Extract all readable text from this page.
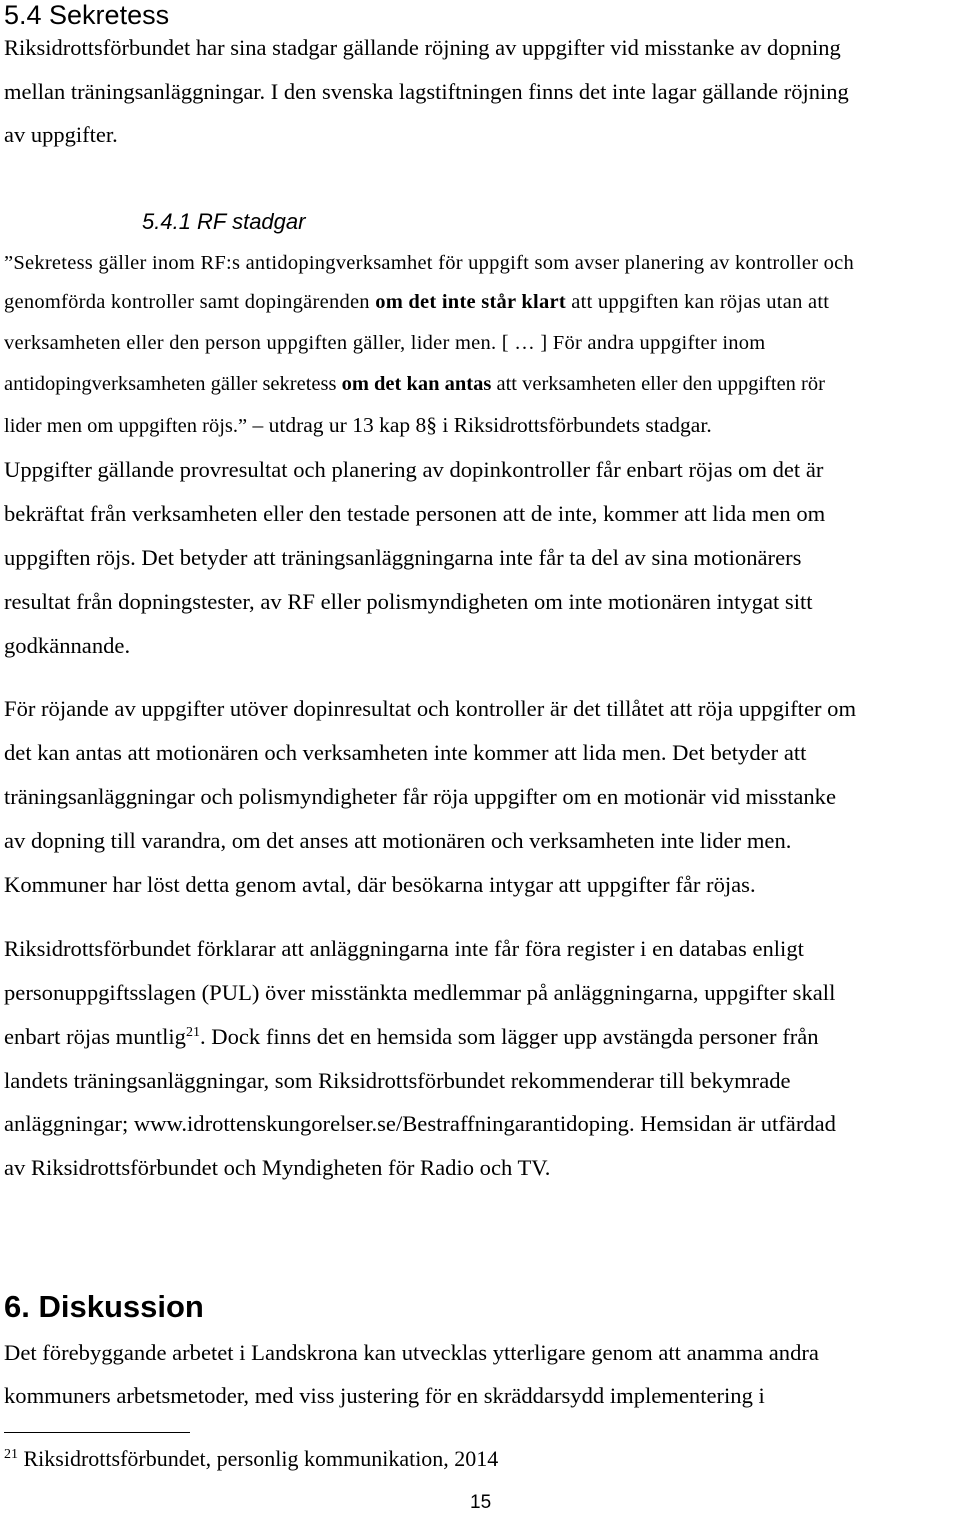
5.4 Sekretess
Riksidrottsförbundet har sina stadgar gällande röjning av uppgifter vid misstanke av dopning
mellan träningsanläggningar. I den svenska lagstiftningen finns det inte lagar gällande röjning
av uppgifter.
5.4.1 RF stadgar
”Sekretess gäller inom RF:s antidopingverksamhet för uppgift som avser planering av kontroller och
genomförda kontroller samt dopingärenden om det inte står klart att uppgiften kan röjas utan att
verksamheten eller den person uppgiften gäller, lider men. [ … ] För andra uppgifter inom
antidopingverksamheten gäller sekretess om det kan antas att verksamheten eller den uppgiften rör
lider men om uppgiften röjs.” – utdrag ur 13 kap 8§ i Riksidrottsförbundets stadgar.
Uppgifter gällande provresultat och planering av dopinkontroller får enbart röjas om det är
bekräftat från verksamheten eller den testade personen att de inte, kommer att lida men om
uppgiften röjs. Det betyder att träningsanläggningarna inte får ta del av sina motionärers
resultat från dopningstester, av RF eller polismyndigheten om inte motionären intygat sitt
godkännande.
För röjande av uppgifter utöver dopinresultat och kontroller är det tillåtet att röja uppgifter om
det kan antas att motionären och verksamheten inte kommer att lida men. Det betyder att
träningsanläggningar och polismyndigheter får röja uppgifter om en motionär vid misstanke
av dopning till varandra, om det anses att motionären och verksamheten inte lider men.
Kommuner har löst detta genom avtal, där besökarna intygar att uppgifter får röjas.
Riksidrottsförbundet förklarar att anläggningarna inte får föra register i en databas enligt
personuppgiftsslagen (PUL) över misstänkta medlemmar på anläggningarna, uppgifter skall
enbart röjas muntlig$^{21}$. Dock finns det en hemsida som lägger upp avstängda personer från
landets träningsanläggningar, som Riksidrottsförbundet rekommenderar till bekymrade
anläggningar; www.idrottenskungorelser.se/Bestraffningarantidoping. Hemsidan är utfärdad
av Riksidrottsförbundet och Myndigheten för Radio och TV.
6. Diskussion
Det förebyggande arbetet i Landskrona kan utvecklas ytterligare genom att anamma andra
kommuners arbetsmetoder, med viss justering för en skräddarsydd implementering i
$^{21}$ Riksidrottsförbundet, personlig kommunikation, 2014
15
